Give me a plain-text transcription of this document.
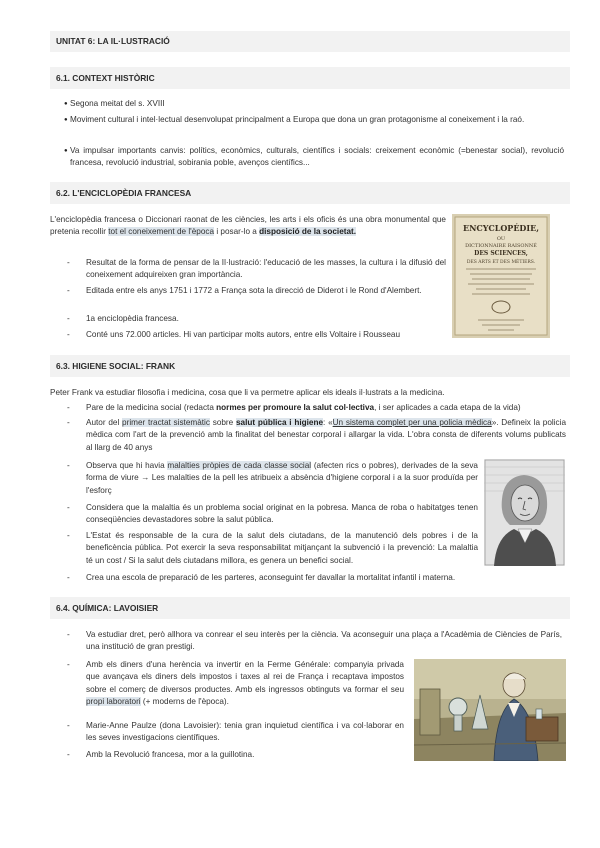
UNITAT 6: LA IL·LUSTRACIÓ
6.1. CONTEXT HISTÒRIC
● Segona meitat del s. XVIII
● Moviment cultural i intel·lectual desenvolupat principalment a Europa que dona un gran protagonisme al coneixement i la raó.
● Va impulsar importants canvis: polítics, econòmics, culturals, científics i socials: creixement econòmic (=benestar social), revolució francesa, revolució industrial, sobirania poble, avenços científics...
6.2. L'ENCICLOPÈDIA FRANCESA
L'enciclopèdia francesa o Diccionari raonat de les ciències, les arts i els oficis és una obra monumental que pretenia recollir tot el coneixement de l'època i posar-lo a disposició de la societat.
- Resultat de la forma de pensar de la Il·lustració: l'educació de les masses, la cultura i la difusió del coneixement adquireixen gran importància.
- Editada entre els anys 1751 i 1772 a França sota la direcció de Diderot i le Rond d'Alembert.
- 1a enciclopèdia francesa.
- Conté uns 72.000 articles. Hi van participar molts autors, entre ells Voltaire i Rousseau
ENCYCLOPÉDIE,
OU
DICTIONNAIRE RAISONNÉ
DES SCIENCES,
DES ARTS ET DES MÉTIERS.
6.3. HIGIENE SOCIAL: FRANK
Peter Frank va estudiar filosofia i medicina, cosa que li va permetre aplicar els ideals il·lustrats a la medicina.
- Pare de la medicina social (redacta normes per promoure la salut col·lectiva, i ser aplicades a cada etapa de la vida)
- Autor del primer tractat sistemàtic sobre salut pública i higiene: «Un sistema complet per una policia mèdica». Defineix la policia mèdica com l'art de la prevenció amb la finalitat del benestar corporal i allargar la vida. L'obra consta de diferents volums publicats al llarg de 40 anys
- Observa que hi havia malalties pròpies de cada classe social (afecten rics o pobres), derivades de la seva forma de viure → Les malalties de la pell les atribueix a absència d'higiene corporal i a la suor produïda per l'esforç
- Considera que la malaltia és un problema social originat en la pobresa. Manca de roba o habitatges tenen conseqüències devastadores sobre la salut pública.
- L'Estat és responsable de la cura de la salut dels ciutadans, de la manutenció dels pobres i de la beneficència pública. Pot exercir la seva responsabilitat mitjançant la subvenció i la prevenció: La malaltia té un cost / Si la salut dels ciutadans millora, es genera un benefici social.
- Crea una escola de preparació de les parteres, aconseguint fer davallar la mortalitat infantil i materna.
6.4. QUÍMICA: LAVOISIER
- Va estudiar dret, però allhora va conrear el seu interès per la ciència. Va aconseguir una plaça a l'Acadèmia de Ciències de París, una institució de gran prestigi.
- Amb els diners d'una herència va invertir en la Ferme Générale: companyia privada que avançava els diners dels impostos i taxes al rei de França i recaptava impostos sobre el comerç de diversos productes. Amb els ingressos obtinguts va formar el seu propi laboratori (+ moderns de l'època).
- Marie-Anne Paulze (dona Lavoisier): tenia gran inquietud científica i va col·laborar en les seves investigacions científiques.
- Amb la Revolució francesa, mor a la guillotina.
